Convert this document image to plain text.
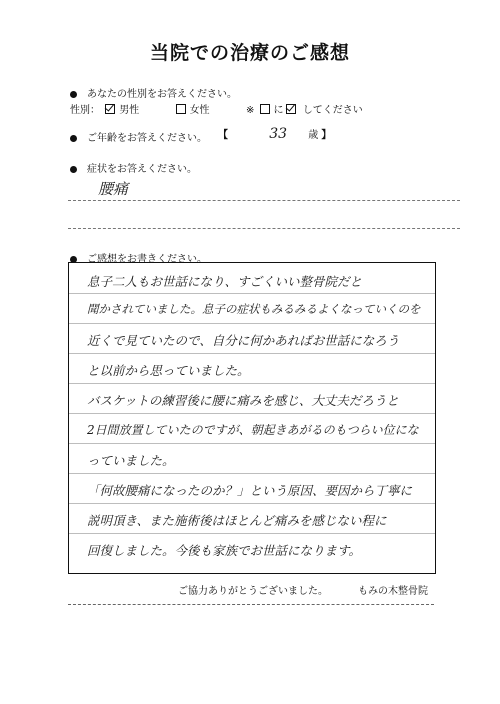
当院での治療のご感想
あなたの性別をお答えください。
性別： 男性	女性	※ に してください
ご年齢をお答えください。 【	33 歳 】
症状をお答えください。
腰痛
ご感想をお書きください。
息子二人もお世話になり、すごくいい整骨院だと
聞かされていました。息子の症状もみるみるよくなっていくのを
近くで見ていたので、自分に何かあればお世話になろう
と以前から思っていました。
バスケットの練習後に腰に痛みを感じ、大丈夫だろうと
2日間放置していたのですが、朝起きあがるのもつらい位にな
っていました。
「何故腰痛になったのか？」という原因、要因から丁寧に
説明頂き、また施術後はほとんど痛みを感じない程に
回復しました。今後も家族でお世話になります。
ご協力ありがとうございました。	もみの木整骨院
